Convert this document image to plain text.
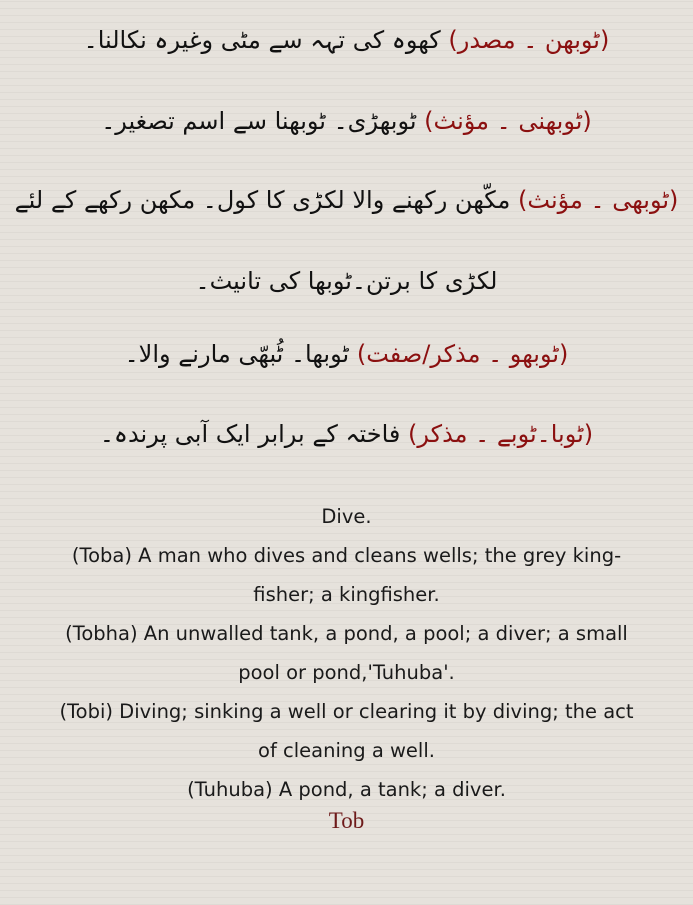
(ٹوبھن ۔ مصدر) کھوہ کی تہہ سے مٹی وغیرہ نکالنا۔
(ٹوبھنی ۔ مؤنث) ٹوبھڑی۔ ٹوبھنا سے اسم تصغیر۔
(ٹوبھی ۔ مؤنث) مکّھن رکھنے والا لکڑی کا کول۔ مکھن رکھے کے لئے
لکڑی کا برتن۔ٹوبھا کی تانیث۔
(ٹوبھو ۔ مذکر/صفت) ٹوبھا۔ ٹُبھّی مارنے والا۔
(ٹوبا۔ٹوبے ۔ مذکر) فاختہ کے برابر ایک آبی پرندہ۔
Dive.
(Toba) A man who dives and cleans wells; the grey king-
fisher; a kingfisher.
(Tobha) An unwalled tank, a pond, a pool; a diver; a small
pool or pond,'Tuhuba'.
(Tobi) Diving; sinking a well or clearing it by diving; the act
of cleaning a well.
(Tuhuba) A pond, a tank; a diver.
Tob
